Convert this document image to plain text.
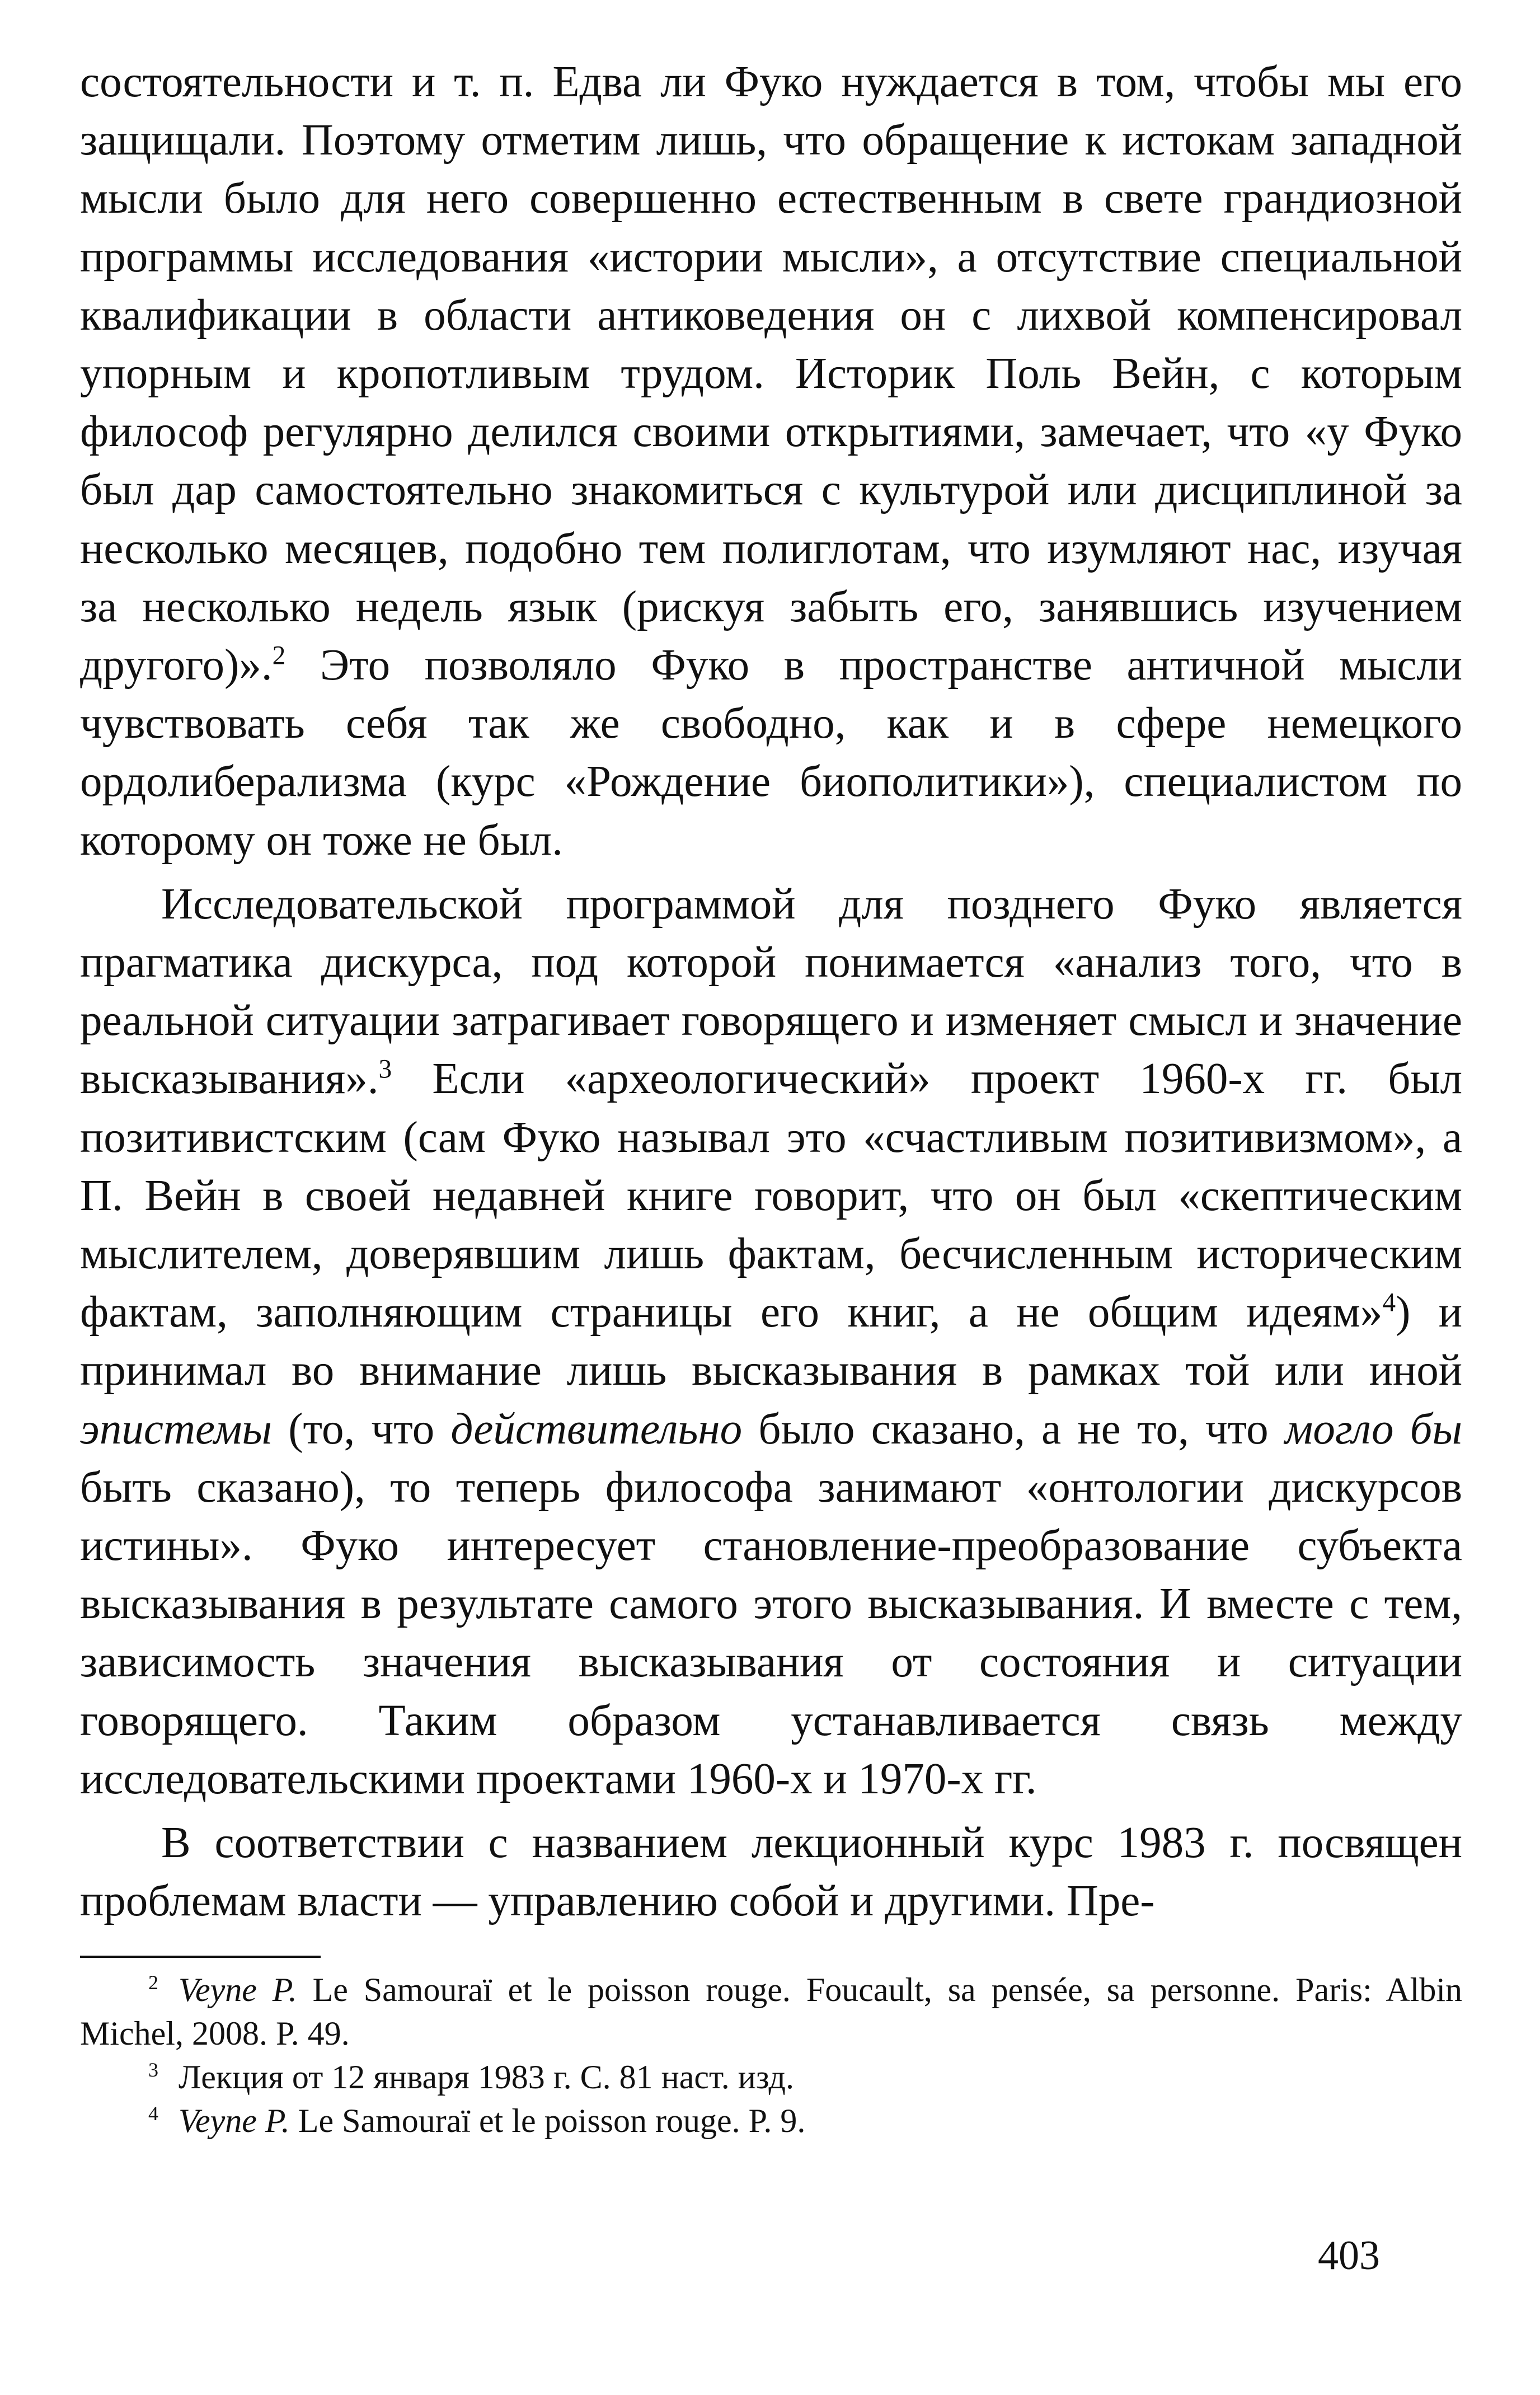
состоятельности и т. п. Едва ли Фуко нуждается в том, чтобы мы его защищали. Поэтому отметим лишь, что обращение к истокам западной мысли было для него совершенно естественным в свете грандиозной программы исследования «истории мысли», а отсутствие специальной квалификации в области антиковедения он с лихвой компенсировал упорным и кропотливым трудом. Историк Поль Вейн, с которым философ регулярно делился своими открытиями, замечает, что «у Фуко был дар самостоятельно знакомиться с культурой или дисциплиной за несколько месяцев, подобно тем полиглотам, что изумляют нас, изучая за несколько недель язык (рискуя забыть его, занявшись изучением другого)».$^2$ Это позволяло Фуко в пространстве античной мысли чувствовать себя так же свободно, как и в сфере немецкого ордолиберализма (курс «Рождение биополитики»), специалистом по которому он тоже не был.

Исследовательской программой для позднего Фуко является прагматика дискурса, под которой понимается «анализ того, что в реальной ситуации затрагивает говорящего и изменяет смысл и значение высказывания».$^3$ Если «археологический» проект 1960-х гг. был позитивистским (сам Фуко называл это «счастливым позитивизмом», а П. Вейн в своей недавней книге говорит, что он был «скептическим мыслителем, доверявшим лишь фактам, бесчисленным историческим фактам, заполняющим страницы его книг, а не общим идеям»$^4$) и принимал во внимание лишь высказывания в рамках той или иной эпистемы (то, что действительно было сказано, а не то, что могло бы быть сказано), то теперь философа занимают «онтологии дискурсов истины». Фуко интересует становление-преобразование субъекта высказывания в результате самого этого высказывания. И вместе с тем, зависимость значения высказывания от состояния и ситуации говорящего. Таким образом устанавливается связь между исследовательскими проектами 1960-х и 1970-х гг.

В соответствии с названием лекционный курс 1983 г. посвящен проблемам власти — управлению собой и другими. Пре-

$^2$ Veyne P. Le Samouraï et le poisson rouge. Foucault, sa pensée, sa personne. Paris: Albin Michel, 2008. P. 49.

$^3$ Лекция от 12 января 1983 г. С. 81 наст. изд.

$^4$ Veyne P. Le Samouraï et le poisson rouge. P. 9.

403
